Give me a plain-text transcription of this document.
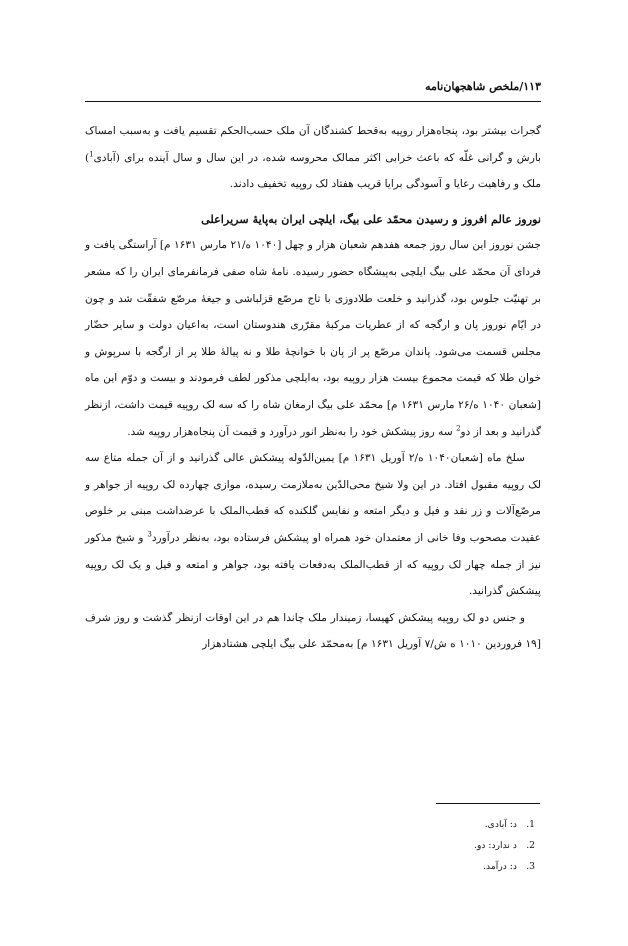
۱۱۳/ملخص شاهجهان‌نامه

گجرات بیشتر بود، پنجاه‌هزار روپیه به‌قحط کشندگان آن ملک حسب‌الحکم تقسیم یافت و به‌سبب امساک بارش و گرانی غلّه که باعث خرابی اکثر ممالک محروسه شده، در این سال و سال آینده برای (آبادی$^1$) ملک و رفاهیت رعایا و آسودگی برایا قریب هفتاد لک روپیه تخفیف دادند.

نوروز عالم افروز و رسیدن محمّد علی بیگ، ایلچی ایران به‌پایهٔ سریراعلی

جشن نوروز این سال روز جمعه هفدهم شعبان هزار و چهل [۱۰۴۰ ه/۲۱ مارس ۱۶۳۱ م] آراستگی یافت و فردای آن محمّد علی بیگ ایلچی به‌پیشگاه حضور رسیده. نامهٔ شاه صفی فرمانفرمای ایران را که مشعر بر تهنیّت جلوس بود، گذرانید و خلعت طلادوزی با تاج مرصّع قزلباشی و جیغهٔ مرصّع شفقّت شد و چون در ایّام نوروز پان و ارگجه که از عطریات مرکبهٔ مقرّری هندوستان است، به‌اعیان دولت و سایر حضّار مجلس قسمت می‌شود. پاندان مرصّع پر از پان با خوانچهٔ طلا و نه پیالهٔ طلا پر از ارگجه با سرپوش و خوان طلا که قیمت مجموع بیست هزار روپیه بود، به‌ایلچی مذکور لطف فرمودند و بیست و دوّم این ماه [شعبان ۱۰۴۰ ه/۲۶ مارس ۱۶۳۱ م] محمّد علی بیگ ارمغان شاه را که سه لک روپیه قیمت داشت، ازنظر گذرانید و بعد از دو$^2$ سه روز پیشکش خود را به‌نظر انور درآورد و قیمت آن پنجاه‌هزار روپیه شد.

سلخ ماه [شعبان۱۰۴۰ ه/۲ آوریل ۱۶۳۱ م] یمین‌الدّوله پیشکش عالی گذرانید و از آن جمله متاع سه لک روپیه مقبول افتاد. در این ولا شیخ محی‌الدّین به‌ملازمت رسیده، موازی چهارده لک روپیه از جواهر و مرصّع‌آلات و زر نقد و فیل و دیگر امتعه و نفایس گلکنده که قطب‌الملک با عرضداشت مبنی بر خلوص عقیدت مصحوب وفا خانی از معتمدان خود همراه او پیشکش فرستاده بود، به‌نظر درآورد$^3$ و شیخ مذکور نیز از جمله چهار لک روپیه که از قطب‌الملک به‌دفعات یافته بود، جواهر و امتعه و فیل و یک لک روپیه پیشکش گذرانید.

و جنس دو لک روپیه پیشکش کهیسا، زمیندار ملک چاندا هم در این اوقات ازنظر گذشت و روز شرف [۱۹ فروردین ۱۰۱۰ ه ش/۷ آوریل ۱۶۳۱ م] به‌محمّد علی بیگ ایلچی هشتادهزار

1.د: آبادی.
2.د ندارد: دو.
3.د: درآمد.
